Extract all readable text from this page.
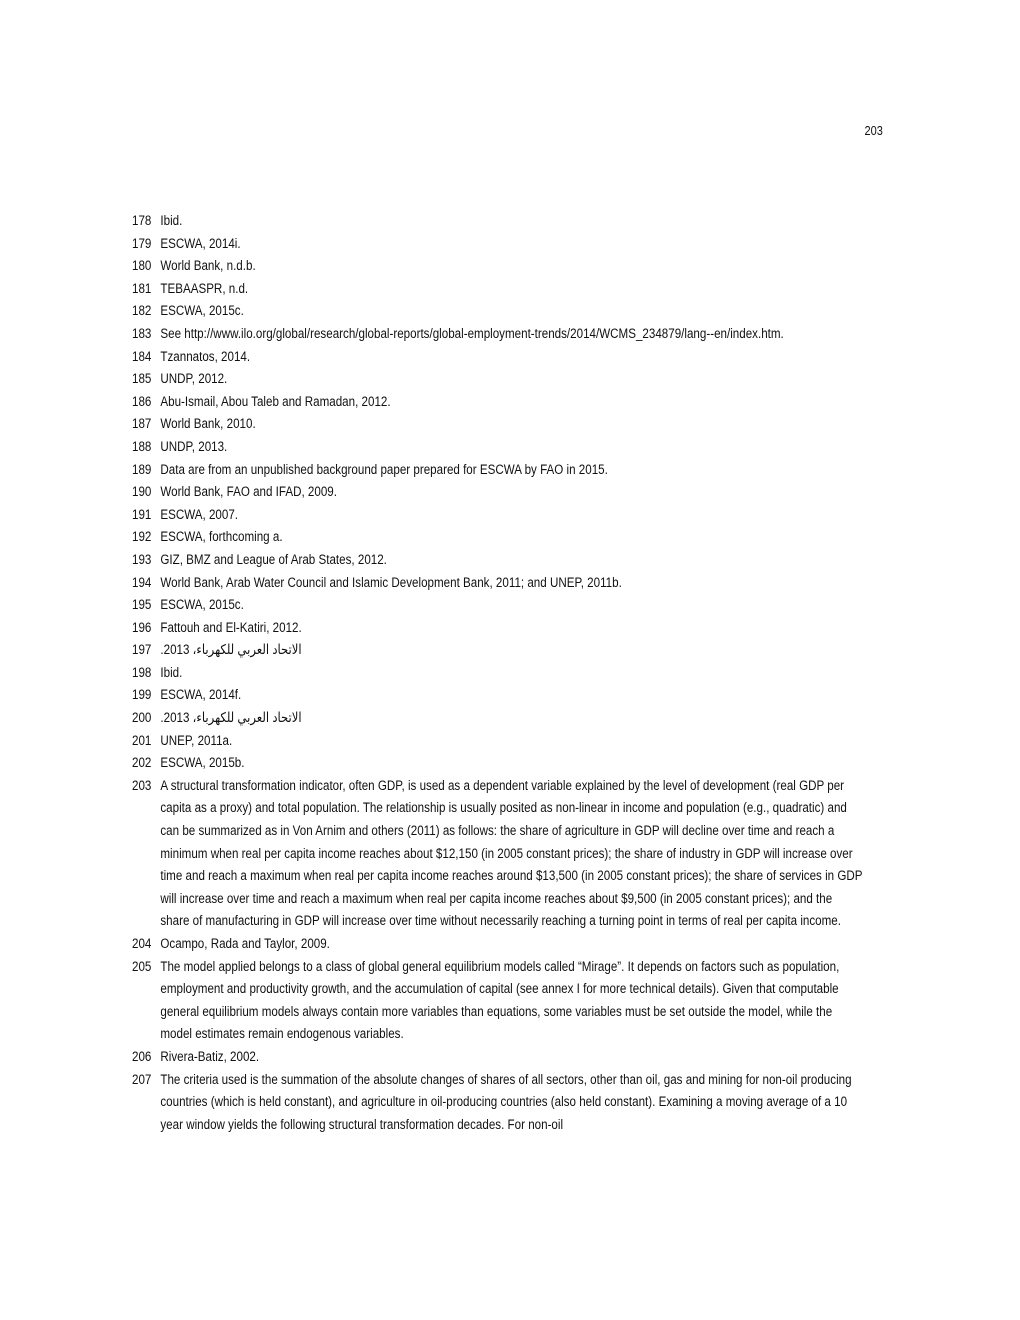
203
178 Ibid.
179 ESCWA, 2014i.
180 World Bank, n.d.b.
181 TEBAASPR, n.d.
182 ESCWA, 2015c.
183 See http://www.ilo.org/global/research/global-reports/global-employment-trends/2014/WCMS_234879/lang--en/index.htm.
184 Tzannatos, 2014.
185 UNDP, 2012.
186 Abu-Ismail, Abou Taleb and Ramadan, 2012.
187 World Bank, 2010.
188 UNDP, 2013.
189 Data are from an unpublished background paper prepared for ESCWA by FAO in 2015.
190 World Bank, FAO and IFAD, 2009.
191 ESCWA, 2007.
192 ESCWA, forthcoming a.
193 GIZ, BMZ and League of Arab States, 2012.
194 World Bank, Arab Water Council and Islamic Development Bank, 2011; and UNEP, 2011b.
195 ESCWA, 2015c.
196 Fattouh and El-Katiri, 2012.
197 الاتحاد العربي للكهرباء، 2013.
198 Ibid.
199 ESCWA, 2014f.
200 الاتحاد العربي للكهرباء، 2013.
201 UNEP, 2011a.
202 ESCWA, 2015b.
203 A structural transformation indicator, often GDP, is used as a dependent variable explained by the level of development (real GDP per capita as a proxy) and total population. The relationship is usually posited as non-linear in income and population (e.g., quadratic) and can be summarized as in Von Arnim and others (2011) as follows: the share of agriculture in GDP will decline over time and reach a minimum when real per capita income reaches about $12,150 (in 2005 constant prices); the share of industry in GDP will increase over time and reach a maximum when real per capita income reaches around $13,500 (in 2005 constant prices); the share of services in GDP will increase over time and reach a maximum when real per capita income reaches about $9,500 (in 2005 constant prices); and the share of manufacturing in GDP will increase over time without necessarily reaching a turning point in terms of real per capita income.
204 Ocampo, Rada and Taylor, 2009.
205 The model applied belongs to a class of global general equilibrium models called “Mirage”. It depends on factors such as population, employment and productivity growth, and the accumulation of capital (see annex I for more technical details). Given that computable general equilibrium models always contain more variables than equations, some variables must be set outside the model, while the model estimates remain endogenous variables.
206 Rivera-Batiz, 2002.
207 The criteria used is the summation of the absolute changes of shares of all sectors, other than oil, gas and mining for non-oil producing countries (which is held constant), and agriculture in oil-producing countries (also held constant). Examining a moving average of a 10 year window yields the following structural transformation decades. For non-oil
